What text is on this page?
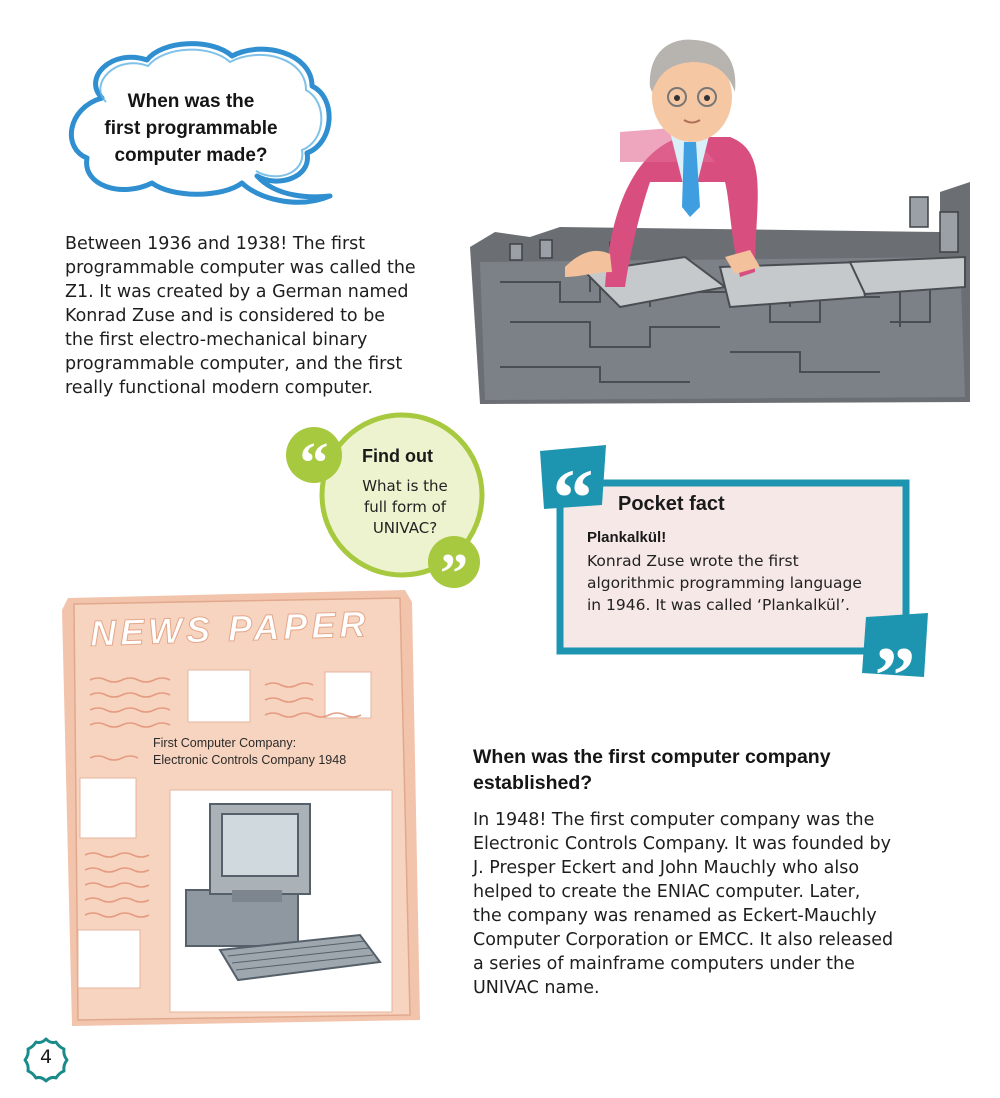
When was the
first programmable
computer made?
Between 1936 and 1938! The first
programmable computer was called the
Z1. It was created by a German named
Konrad Zuse and is considered to be
the first electro-mechanical binary
programmable computer, and the first
really functional modern computer.
“
”
Find out
What is the
full form of
UNIVAC?	“
”
Pocket fact
Plankalkül!
Konrad Zuse wrote the first
algorithmic programming language
in 1946. It was called ‘Plankalkül’.
NEWS PAPER
First Computer Company:
Electronic Controls Company 1948	When was the first computer company
established?
In 1948! The first computer company was the
Electronic Controls Company. It was founded by
J. Presper Eckert and John Mauchly who also
helped to create the ENIAC computer. Later,
the company was renamed as Eckert-Mauchly
Computer Corporation or EMCC. It also released
a series of mainframe computers under the
UNIVAC name.
4
